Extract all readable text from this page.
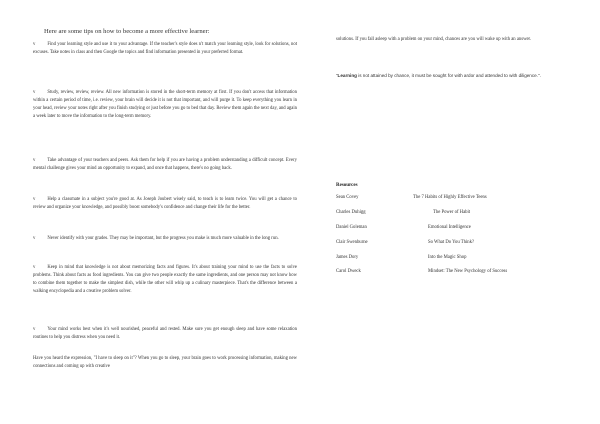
Here are some tips on how to become a more effective learner:
v	Find your learning style and use it to your advantage. If the teacher's style does n't match your learning style, look for solutions, not excuses. Take notes in class and then Google the topics and find information presented in your preferred format.
v	Study, review, review, review. All new information is stored in the short-term memory at first. If you don't access that information within a certain period of time, i.e. review, your brain will decide it is not that important, and will purge it. To keep everything you learn in your head, review your notes right after you finish studying or just before you go to bed that day. Review them again the next day, and again a week later to move the information to the long-term memory.
v	Take advantage of your teachers and peers. Ask them for help if you are having a problem understanding a difficult concept. Every mental challenge gives your mind an opportunity to expand, and once that happens, there's no going back.
v	Help a classmate in a subject you're good at. As Joseph Joubert wisely said, to teach is to learn twice. You will get a chance to review and organize your knowledge, and possibly boost somebody's confidence and change their life for the better.
v	Never identify with your grades. They may be important, but the progress you make is much more valuable in the long run.
v	Keep in mind that knowledge is not about memorizing facts and figures. It's about training your mind to use the facts to solve problems. Think about facts as food ingredients. You can give two people exactly the same ingredients, and one person may not know how to combine them together to make the simplest dish, while the other will whip up a culinary masterpiece. That's the difference between a walking encyclopedia and a creative problem solver.
v	Your mind works best when it's well nourished, peaceful and rested. Make sure you get enough sleep and have some relaxation routines to help you distress when you need it.
Have you heard the expression, "I have to sleep on it"? When you go to sleep, your brain goes to work processing information, making new connections and coming up with creative
solutions. If you fall asleep with a problem on your mind, chances are you will wake up with an answer.
“Learning is not attained by chance, it must be sought for with ardor and attended to with diligence.".
Resources
Sean Covey	The 7 Habits of Highly Effective Teens
Charles Duhigg	The Power of Habit
Daniel Goleman	Emotional Intelligence
Clair Swenburne	So What Do You Think?
James Dory	Into the Magic Shop
Carol Dweck	Mindset: The New Psychology of Success
